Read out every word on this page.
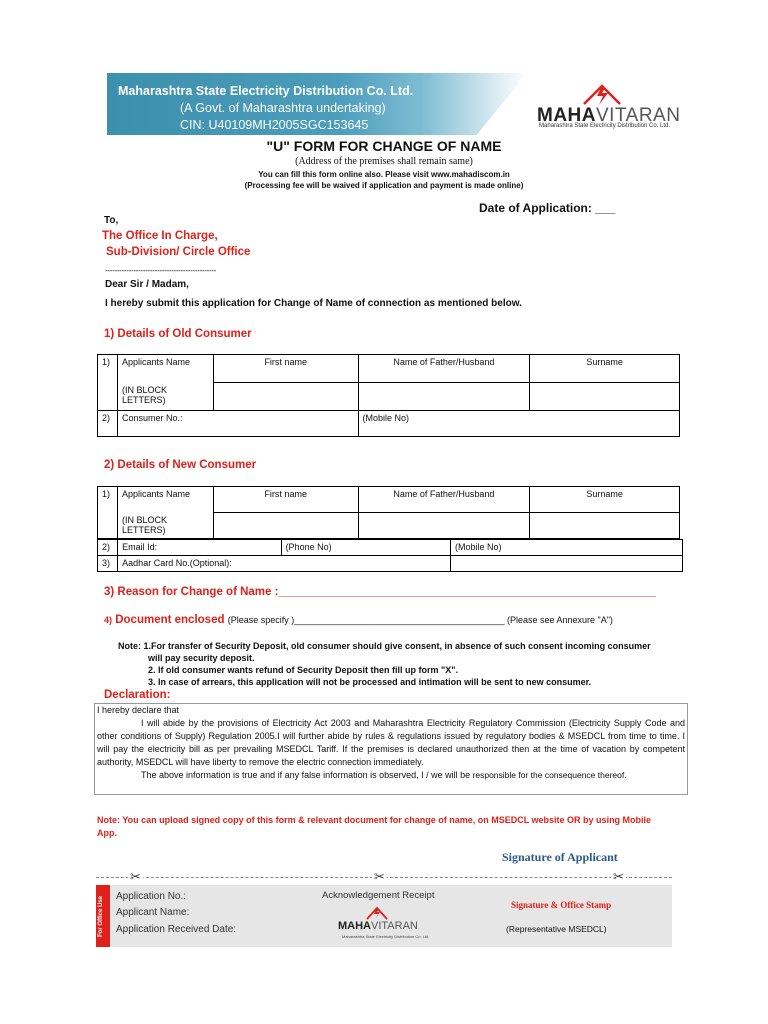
Maharashtra State Electricity Distribution Co. Ltd.
(A Govt. of Maharashtra undertaking)
CIN: U40109MH2005SGC153645	MAHAVITARAN
Maharashtra State Electricity Distribution Co. Ltd.
"U" FORM FOR CHANGE OF NAME
(Address of the premises shall remain same)
You can fill this form online also. Please visit www.mahadiscom.in
(Processing fee will be waived if application and payment is made online)
Date of Application: ___
To,
The Office In Charge,
Sub-Division/ Circle Office
-----------------------------------------------
Dear Sir / Madam,
I hereby submit this application for Change of Name of connection as mentioned below.
1) Details of Old Consumer
1)	Applicants Name	First name	Name of Father/Husband	Surname
	(IN BLOCK LETTERS)			
2)	Consumer No.:		(Mobile No)	
2) Details of New Consumer
1)	Applicants Name	First name	Name of Father/Husband	Surname
	(IN BLOCK LETTERS)			
2)	Email Id:	(Phone No)	(Mobile No)
3)	Aadhar Card No.(Optional):		
3) Reason for Change of Name :___________________________________________________________
4) Document enclosed (Please specify )__________________________________________ (Please see Annexure "A")
Note: 1.For transfer of Security Deposit, old consumer should give consent, in absence of such consent incoming consumer
will pay security deposit.
2. If old consumer wants refund of Security Deposit then fill up form "X".
3. In case of arrears, this application will not be processed and intimation will be sent to new consumer.
Declaration:
I hereby declare that
I will abide by the provisions of Electricity Act 2003 and Maharashtra Electricity Regulatory Commission (Electricity Supply Code and other conditions of Supply) Regulation 2005.I will further abide by rules & regulations issued by regulatory bodies & MSEDCL from time to time. I will pay the electricity bill as per prevailing MSEDCL Tariff. If the premises is declared unauthorized then at the time of vacation by competent authority, MSEDCL will have liberty to remove the electric connection immediately.
The above information is true and if any false information is observed, I / we will be responsible for the consequence thereof.
Note: You can upload signed copy of this form & relevant document for change of name, on MSEDCL website OR by using Mobile App.
Signature of Applicant
✂	✂	✂
For Office Use Application No.:
Applicant Name:
Application Received Date:
Acknowledgement Receipt
MAHAVITARAN
Maharashtra State Electricity Distribution Co. Ltd.
Signature & Office Stamp
(Representative MSEDCL)
